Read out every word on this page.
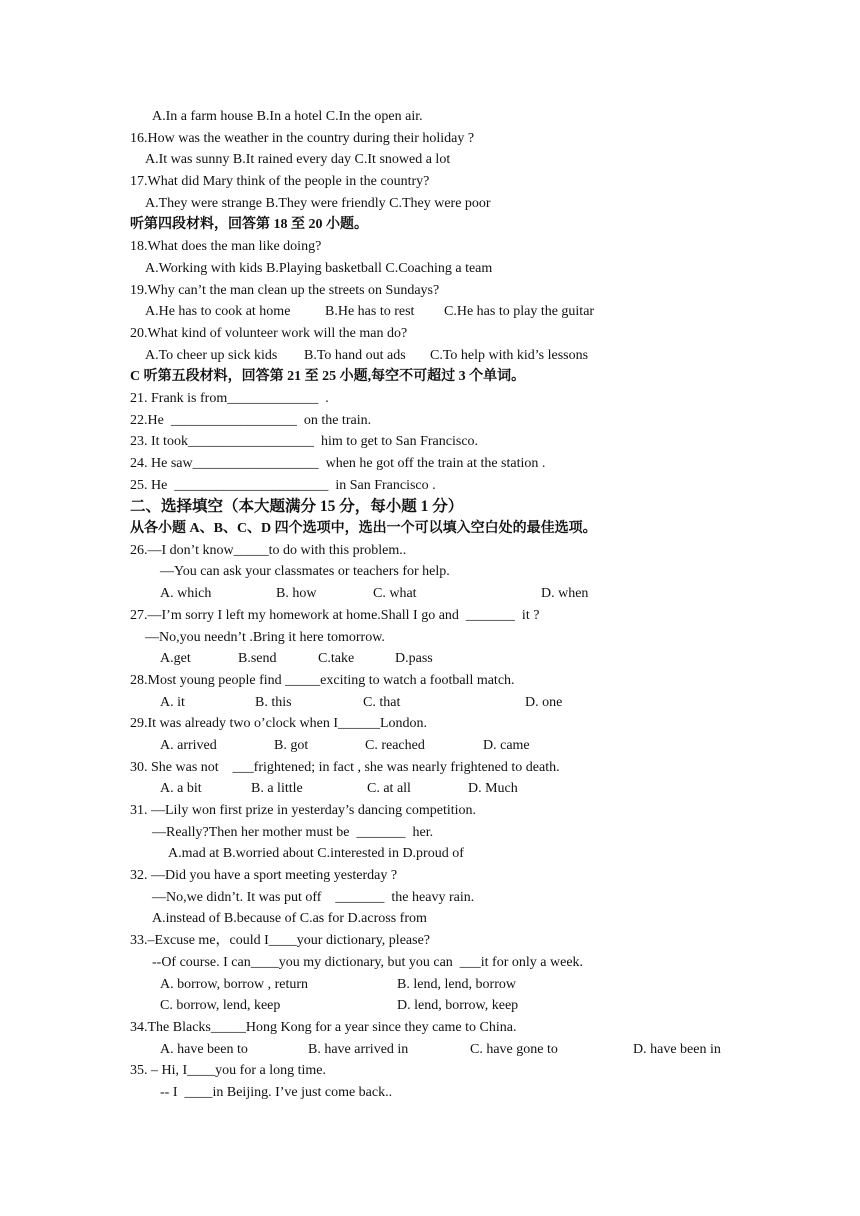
A.In a farm house B.In a hotel C.In the open air.
16.How was the weather in the country during their holiday ?
A.It was sunny B.It rained every day C.It snowed a lot
17.What did Mary think of the people in the country?
A.They were strange B.They were friendly C.They were poor
听第四段材料，回答第 18 至 20 小题。
18.What does the man like doing?
A.Working with kids B.Playing basketball C.Coaching a team
19.Why can’t the man clean up the streets on Sundays?
A.He has to cook at home B.He has to rest C.He has to play the guitar
20.What kind of volunteer work will the man do?
A.To cheer up sick kids B.To hand out ads C.To help with kid’s lessons
C 听第五段材料，回答第 21 至 25 小题,每空不可超过 3 个单词。
21. Frank is from_____________  .
22.He  __________________  on the train.
23. It took__________________  him to get to San Francisco.
24. He saw__________________  when he got off the train at the station .
25. He  ______________________  in San Francisco .
二、选择填空（本大题满分 15 分，每小题 1 分）
从各小题 A、B、C、D 四个选项中，选出一个可以填入空白处的最佳选项。
26.—I don’t know_____to do with this problem..
—You can ask your classmates or teachers for help.
A. which	B. how	C. what	D. when
27.—I’m sorry I left my homework at home.Shall I go and  _______  it ?
—No,you needn’t .Bring it here tomorrow.
A.get	B.send	C.take	D.pass
28.Most young people find _____exciting to watch a football match.
A. it	B. this	C. that	D. one
29.It was already two o’clock when I______London.
A. arrived	B. got	C. reached	D. came
30. She was not    ___frightened; in fact , she was nearly frightened to death.
A. a bit	B. a little	C. at all	D. Much
31. —Lily won first prize in yesterday’s dancing competition.
—Really?Then her mother must be  _______  her.
A.mad at B.worried about C.interested in D.proud of
32. —Did you have a sport meeting yesterday ?
—No,we didn’t. It was put off    _______  the heavy rain.
A.instead of B.because of C.as for D.across from
33.–Excuse me，could I____your dictionary, please?
--Of course. I can____you my dictionary, but you can  ___it for only a week.
A. borrow, borrow , return	B. lend, lend, borrow
C. borrow, lend, keep	D. lend, borrow, keep
34.The Blacks_____Hong Kong for a year since they came to China.
A. have been to	B. have arrived in	C. have gone to	D. have been in
35. – Hi, I____you for a long time.
-- I  ____in Beijing. I’ve just come back..
